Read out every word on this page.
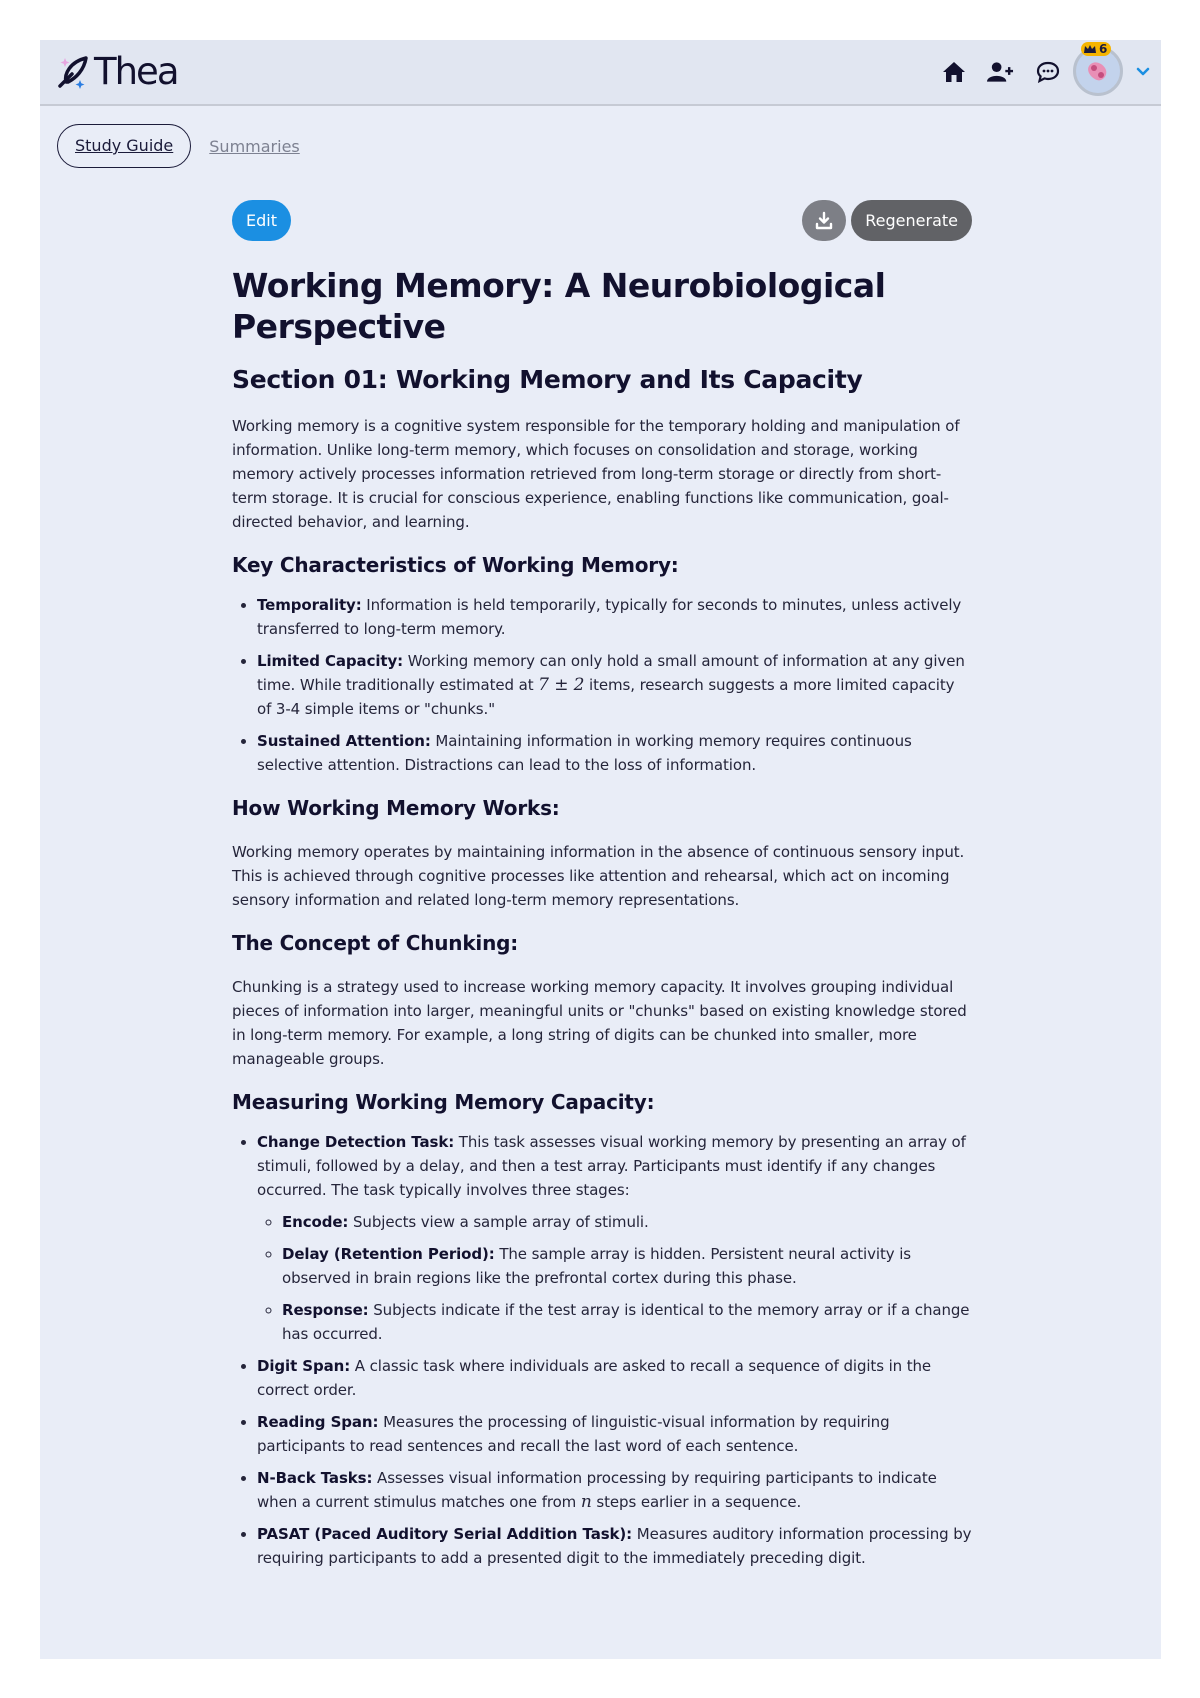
Thea
6
Study Guide	Summaries
Edit	Regenerate
Working Memory: A Neurobiological Perspective
Section 01: Working Memory and Its Capacity

Working memory is a cognitive system responsible for the temporary holding and manipulation of information. Unlike long-term memory, which focuses on consolidation and storage, working memory actively processes information retrieved from long-term storage or directly from short-term storage. It is crucial for conscious experience, enabling functions like communication, goal-directed behavior, and learning.

Key Characteristics of Working Memory:
• Temporality: Information is held temporarily, typically for seconds to minutes, unless actively transferred to long-term memory.
• Limited Capacity: Working memory can only hold a small amount of information at any given time. While traditionally estimated at 7 ± 2 items, research suggests a more limited capacity of 3-4 simple items or "chunks."
• Sustained Attention: Maintaining information in working memory requires continuous selective attention. Distractions can lead to the loss of information.
How Working Memory Works:

Working memory operates by maintaining information in the absence of continuous sensory input. This is achieved through cognitive processes like attention and rehearsal, which act on incoming sensory information and related long-term memory representations.

The Concept of Chunking:

Chunking is a strategy used to increase working memory capacity. It involves grouping individual pieces of information into larger, meaningful units or "chunks" based on existing knowledge stored in long-term memory. For example, a long string of digits can be chunked into smaller, more manageable groups.

Measuring Working Memory Capacity:
• Change Detection Task: This task assesses visual working memory by presenting an array of stimuli, followed by a delay, and then a test array. Participants must identify if any changes occurred. The task typically involves three stages:
◦ Encode: Subjects view a sample array of stimuli.
◦ Delay (Retention Period): The sample array is hidden. Persistent neural activity is observed in brain regions like the prefrontal cortex during this phase.
◦ Response: Subjects indicate if the test array is identical to the memory array or if a change has occurred.
• Digit Span: A classic task where individuals are asked to recall a sequence of digits in the correct order.
• Reading Span: Measures the processing of linguistic-visual information by requiring participants to read sentences and recall the last word of each sentence.
• N-Back Tasks: Assesses visual information processing by requiring participants to indicate when a current stimulus matches one from n steps earlier in a sequence.
• PASAT (Paced Auditory Serial Addition Task): Measures auditory information processing by requiring participants to add a presented digit to the immediately preceding digit.
